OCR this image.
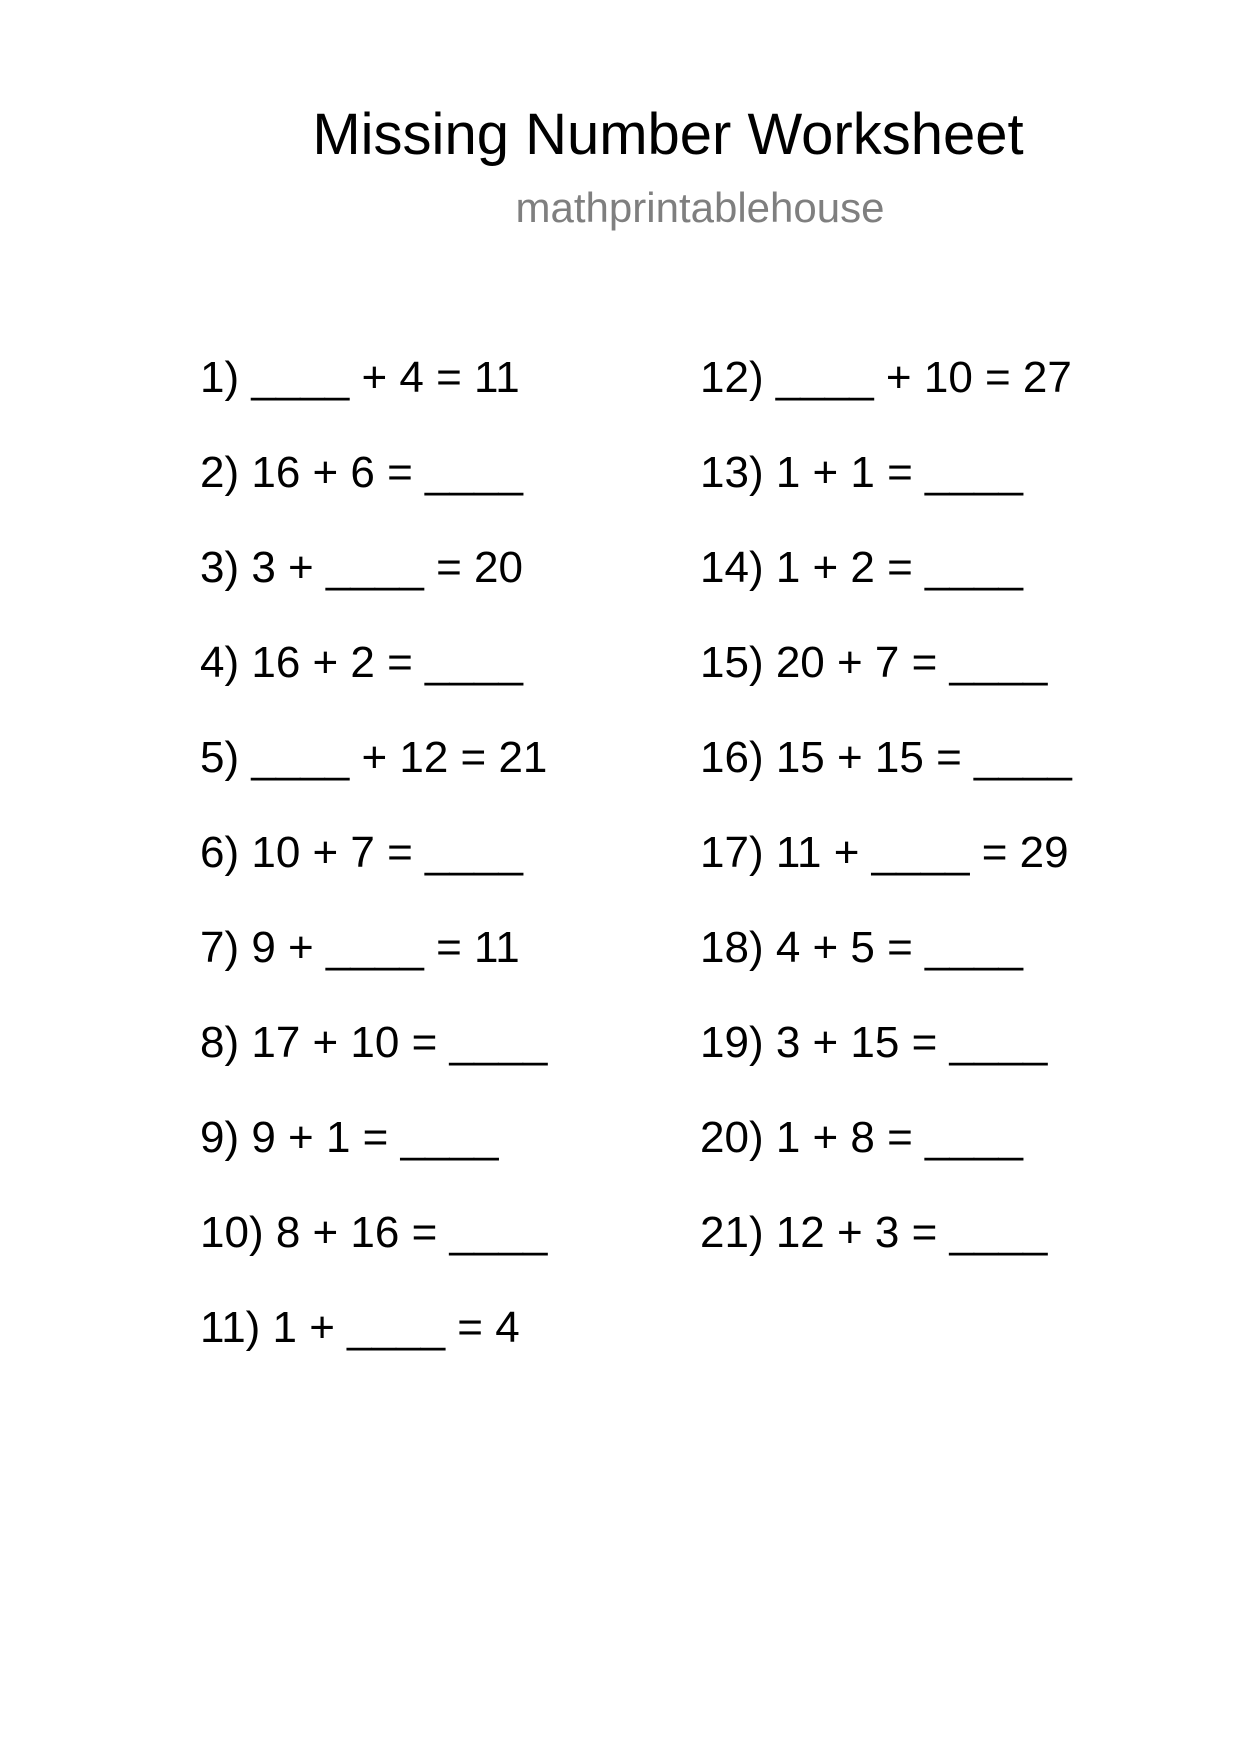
Missing Number Worksheet
mathprintablehouse
1) ____ + 4 = 11
2) 16 + 6 = ____
3) 3 + ____ = 20
4) 16 + 2 = ____
5) ____ + 12 = 21
6) 10 + 7 = ____
7) 9 + ____ = 11
8) 17 + 10 = ____
9) 9 + 1 = ____
10) 8 + 16 = ____
11) 1 + ____ = 4
12) ____ + 10 = 27
13) 1 + 1 = ____
14) 1 + 2 = ____
15) 20 + 7 = ____
16) 15 + 15 = ____
17) 11 + ____ = 29
18) 4 + 5 = ____
19) 3 + 15 = ____
20) 1 + 8 = ____
21) 12 + 3 = ____
